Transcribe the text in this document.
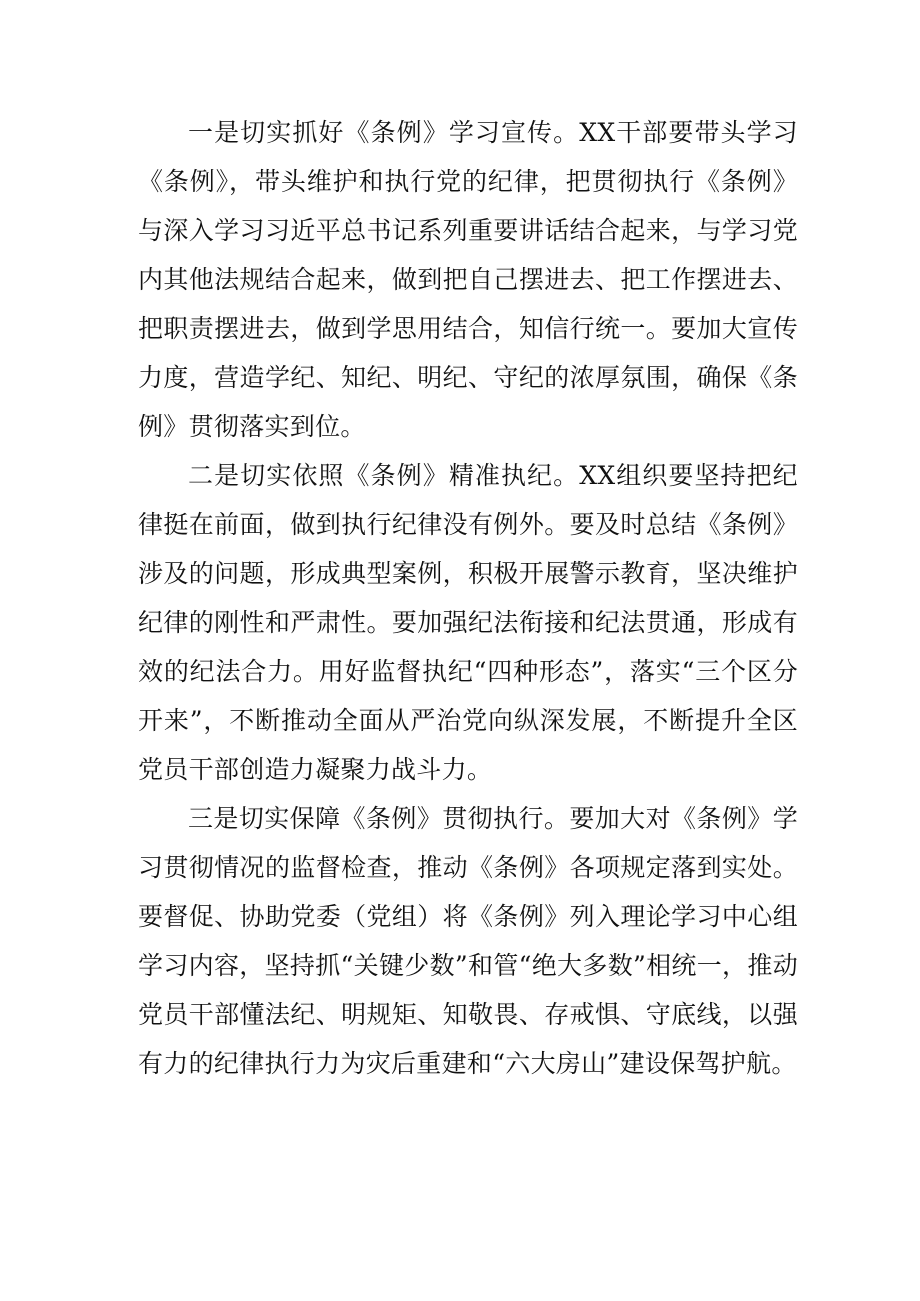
一是切实抓好《条例》学习宣传。XX干部要带头学习《条例》，带头维护和执行党的纪律，把贯彻执行《条例》与深入学习习近平总书记系列重要讲话结合起来，与学习党内其他法规结合起来，做到把自己摆进去、把工作摆进去、把职责摆进去，做到学思用结合，知信行统一。要加大宣传力度，营造学纪、知纪、明纪、守纪的浓厚氛围，确保《条例》贯彻落实到位。

二是切实依照《条例》精准执纪。XX组织要坚持把纪律挺在前面，做到执行纪律没有例外。要及时总结《条例》涉及的问题，形成典型案例，积极开展警示教育，坚决维护纪律的刚性和严肃性。要加强纪法衔接和纪法贯通，形成有效的纪法合力。用好监督执纪“四种形态”，落实“三个区分开来”，不断推动全面从严治党向纵深发展，不断提升全区党员干部创造力凝聚力战斗力。

三是切实保障《条例》贯彻执行。要加大对《条例》学习贯彻情况的监督检查，推动《条例》各项规定落到实处。要督促、协助党委（党组）将《条例》列入理论学习中心组学习内容，坚持抓“关键少数”和管“绝大多数”相统一，推动党员干部懂法纪、明规矩、知敬畏、存戒惧、守底线，以强有力的纪律执行力为灾后重建和“六大房山”建设保驾护航。
